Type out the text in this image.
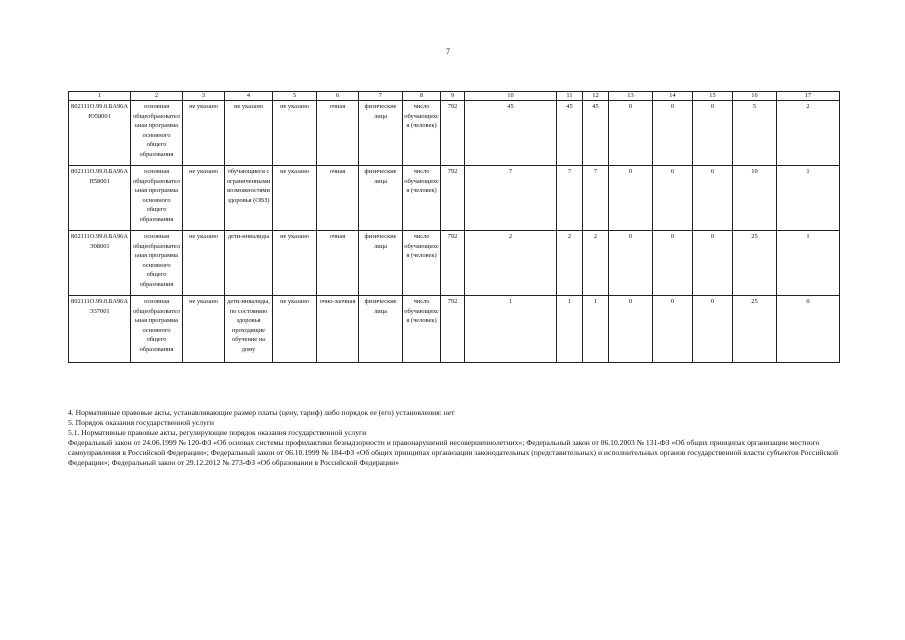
7
1	2	3	4	5	6	7	8	9	10	11	12	13	14	15	16	17
802111О.99.0.БА96АЮ58001	основная общеобразовательная программа основного общего образования	не указано	не указано	не указано	очная	физические лица	число обучающихся (человек)	792	45	45	45	0	0	0	5	2
802111О.99.0.БА96АП58001	основная общеобразовательная программа основного общего образования	не указано	обучающиеся с ограниченными возможностями здоровья (ОВЗ)	не указано	очная	физические лица	число обучающихся (человек)	792	7	7	7	0	0	0	10	1
802111О.99.0.БА96АЭ08001	основная общеобразовательная программа основного общего образования	не указано	дети-инвалиды	не указано	очная	физические лица	число обучающихся (человек)	792	2	2	2	0	0	0	25	1
802111О.99.0.БА96АЭ37001	основная общеобразовательная программа основного общего образования	не указано	дети-инвалиды, по состоянию здоровья проходящие обучение на дому	не указано	очно-заочная	физические лица	число обучающихся (человек)	792	1	1	1	0	0	0	25	0

4. Нормативные правовые акты, устанавливающие размер платы (цену, тариф) либо порядок ее (его) установления: нет

5. Порядок оказания государственной услуги

5.1. Нормативные правовые акты, регулирующие порядок оказания государственной услуги

Федеральный закон от 24.06.1999 № 120-ФЗ «Об основах системы профилактики безнадзорности и правонарушений несовершеннолетних»; Федеральный закон от 06.10.2003 № 131-ФЗ «Об общих принципах организации местного самоуправления в Российской Федерации»; Федеральный закон от 06.10.1999 № 184-ФЗ «Об общих принципах организации законодательных (представительных) и исполнительных органов государственной власти субъектов Российской Федерации»; Федеральный закон от 29.12.2012 № 273-ФЗ «Об образовании в Российской Федерации»
